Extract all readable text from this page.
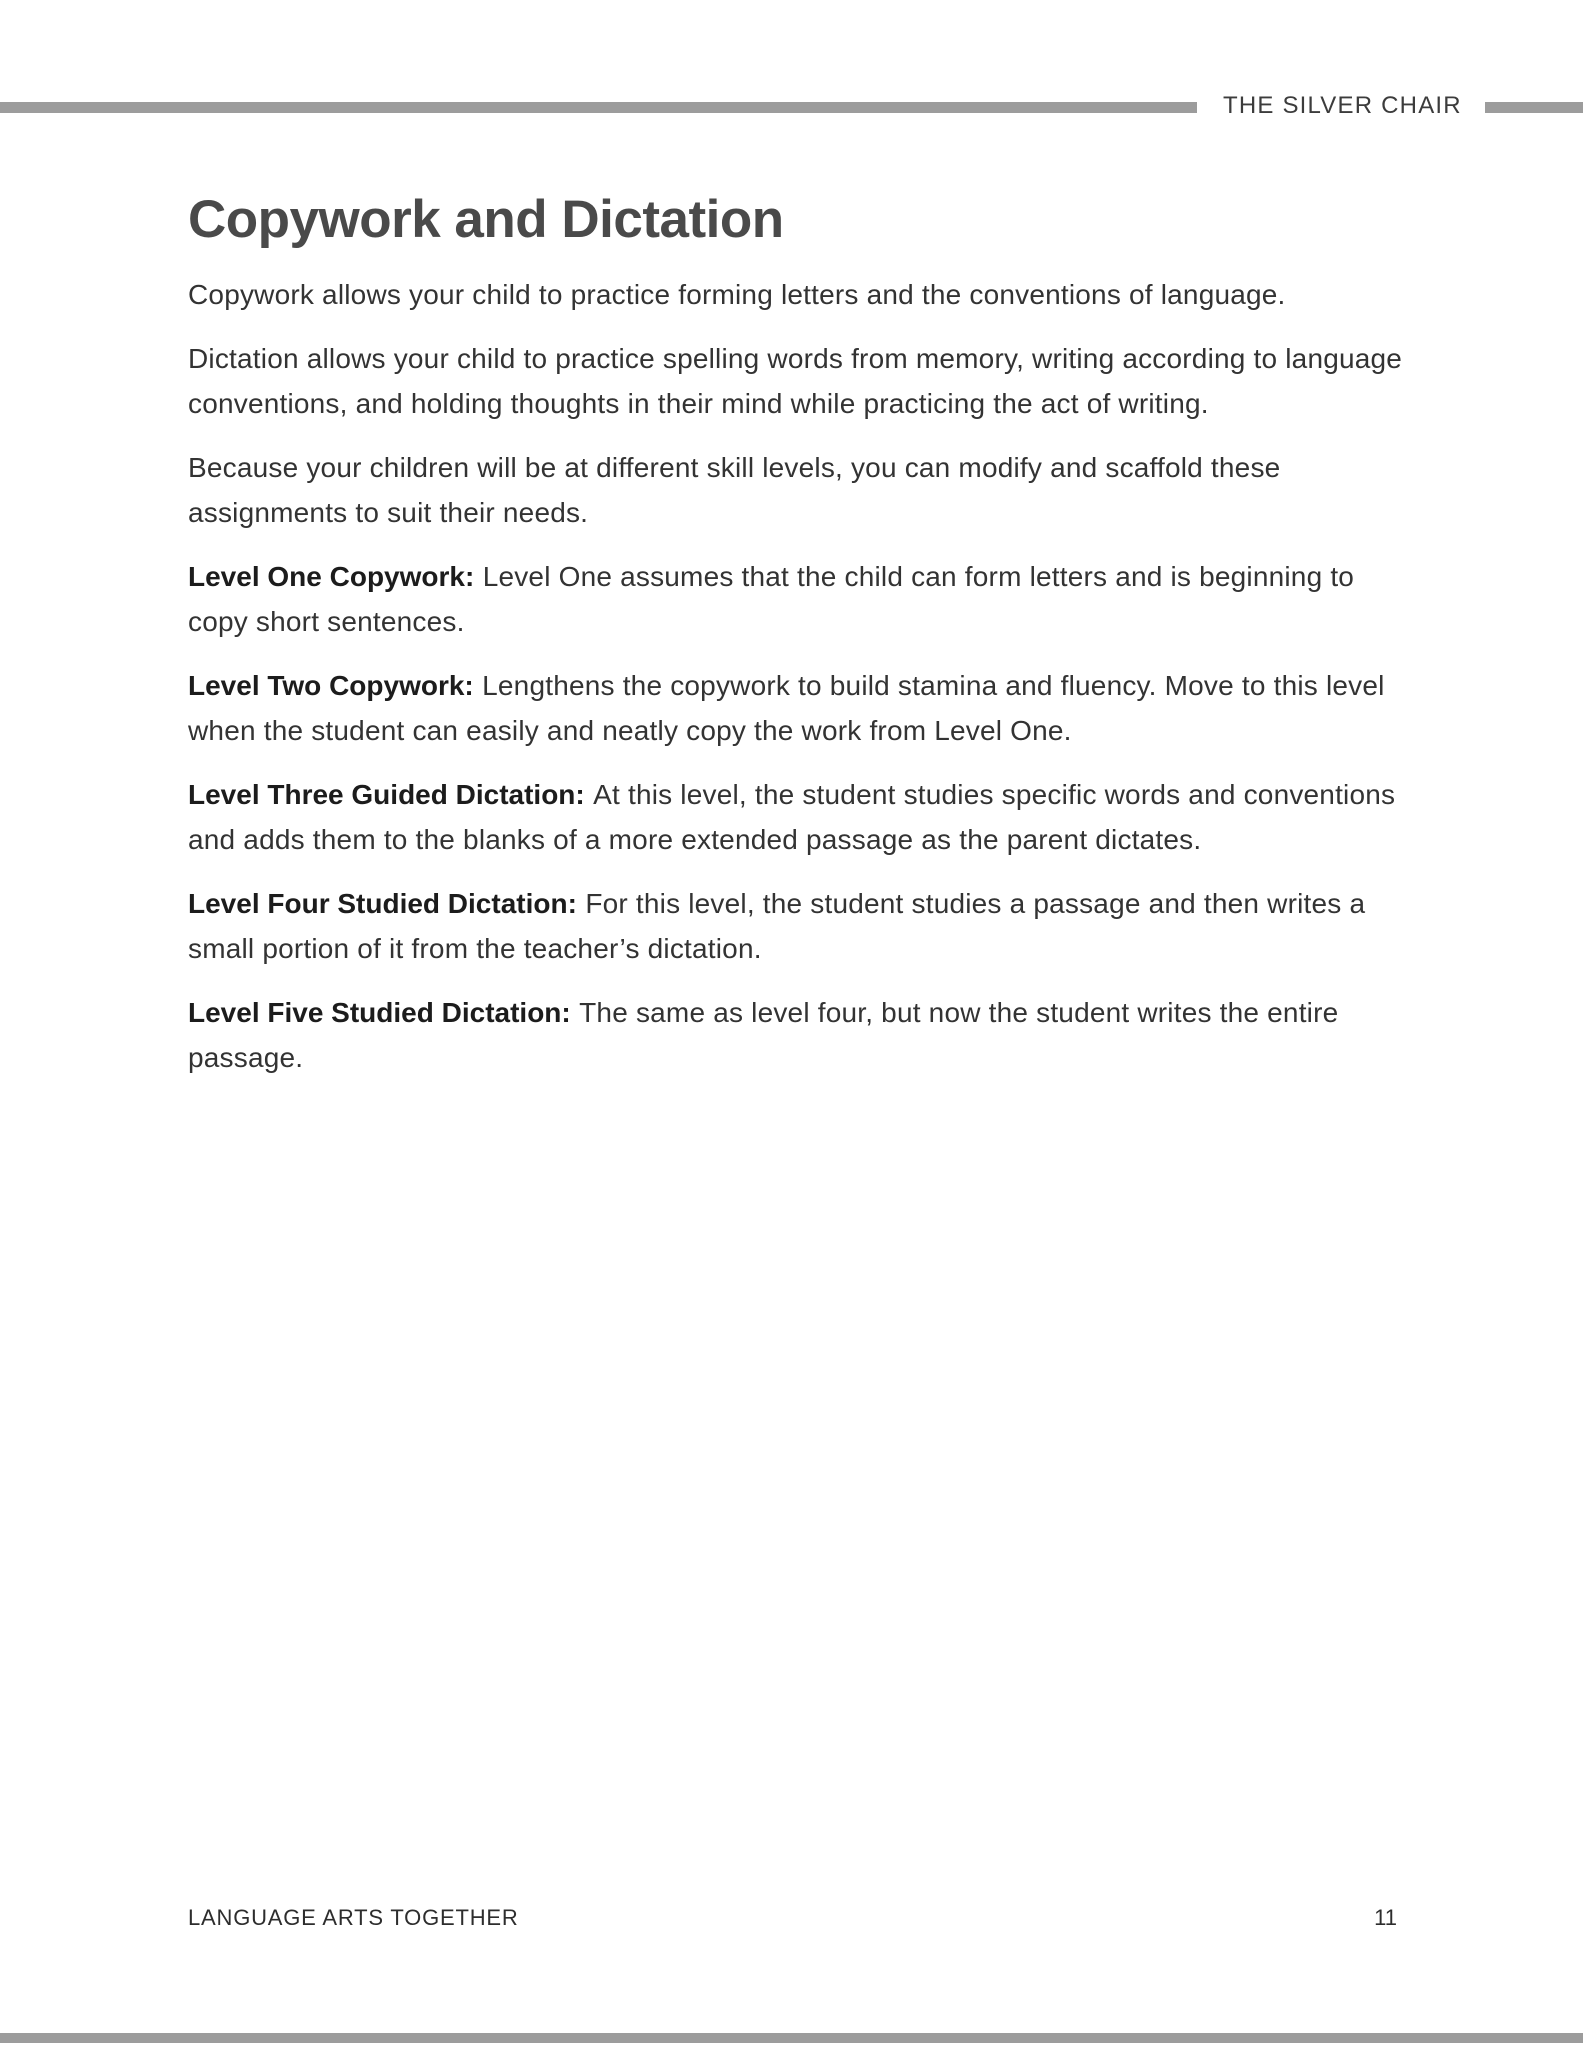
THE SILVER CHAIR
Copywork and Dictation

Copywork allows your child to practice forming letters and the conventions of language.

Dictation allows your child to practice spelling words from memory, writing according to language conventions, and holding thoughts in their mind while practicing the act of writing.

Because your children will be at different skill levels, you can modify and scaffold these assignments to suit their needs.

Level One Copywork: Level One assumes that the child can form letters and is beginning to copy short sentences.

Level Two Copywork: Lengthens the copywork to build stamina and fluency. Move to this level when the student can easily and neatly copy the work from Level One.

Level Three Guided Dictation: At this level, the student studies specific words and conventions and adds them to the blanks of a more extended passage as the parent dictates.

Level Four Studied Dictation: For this level, the student studies a passage and then writes a small portion of it from the teacher’s dictation.

Level Five Studied Dictation: The same as level four, but now the student writes the entire passage.

LANGUAGE ARTS TOGETHER	11
